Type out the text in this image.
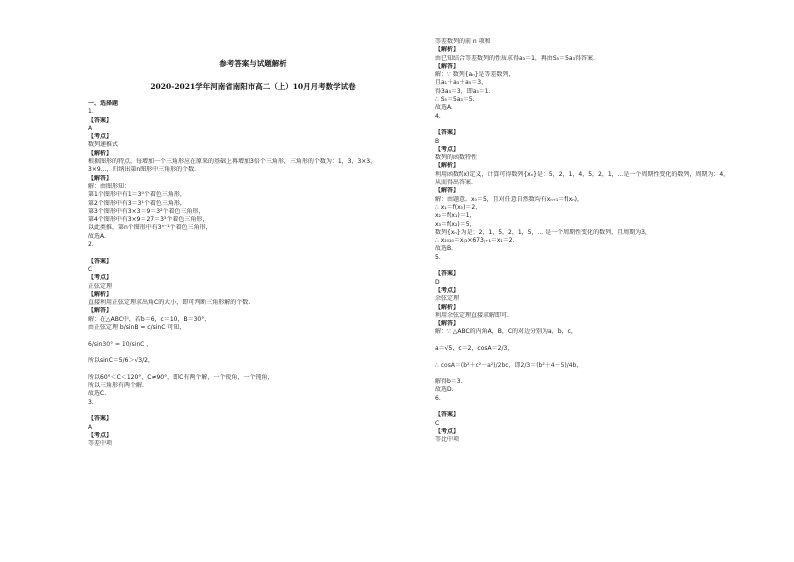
参考答案与试题解析
2020-2021学年河南省南阳市高二（上）10月月考数学试卷
一、选择题
1.
【答案】
A
【考点】
数列递推式
【解析】
根据图形的特点，每增加一个三角形应在原来的基础上再增加3倍个三角形，三角形的个数为：1，3，3×3，
3×9...，归纳出第n图形中三角形的个数.
【解答】
解：由图形知：
第1个图形中有1＝3⁰个着色三角形，
第2个图形中有3＝3¹个着色三角形，
第3个图形中有3×3＝9＝3²个着色三角形，
第4个图形中有3×9＝27＝3³个着色三角形，
以此类推，第n个图形中有3ⁿ⁻¹个着色三角形，
故选A.
2.
【答案】
C
【考点】
正弦定理
【解析】
直接利用正弦定理求出角C的大小，即可判断三角形解的个数.
【解答】
解：在△ABC中，若b＝6，c＝10，B＝30°，
由正弦定理 b/sinB = c/sinC 可知，
6/sin30° = 10/sinC ，
所以sinC＝5/6＞√3/2，
所以60°＜C＜120°，C≠90°，即C有两个解，一个锐角，一个钝角，
所以三角形有两个解.
故选C.
3.
【答案】
A
【考点】
等差中项
等差数列的前 n 项和
【解析】
由已知结合等差数列的性质求得a₃＝1，再由S₅＝5a₃得答案.
【解答】
解：∵ 数列{aₙ}是等差数列，
且a₁＋a₃＋a₅＝3，
得3a₃＝3，即a₃＝1.
∴ S₅＝5a₃＝5.
故选A.
4.
【答案】
B
【考点】
数列的函数特性
【解析】
利用函数f(x)定义，计算可得数列{xₙ}是：5，2，1，4，5，2，1，...是一个周期性变化的数列，周期为：4，
从而得出答案.
【解答】
解：由题意，x₀＝5，且对任意自然数均有xₙ₊₁＝f(xₙ)，
∴ x₁＝f(x₀)＝2，
x₂＝f(x₁)＝1，
x₃＝f(x₂)＝5，
数列{xₙ}为是：2，1，5，2，1，5，... 是一个周期性变化的数列，且周期为3，
∴ x₂₀₂₀＝x₍₃×673₎₊₁＝x₁＝2.
故选B.
5.
【答案】
D
【考点】
余弦定理
【解析】
利用余弦定理直接求解即可.
【解答】
解：∵ △ABC的内角A，B，C的对边分别为a，b，c，
a＝√5，c＝2，cosA＝2/3，
∴ cosA＝(b²＋c²－a²)/2bc，即2/3＝(b²＋4－5)/4b，
解得b＝3.
故选D.
6.
【答案】
C
【考点】
等比中项
